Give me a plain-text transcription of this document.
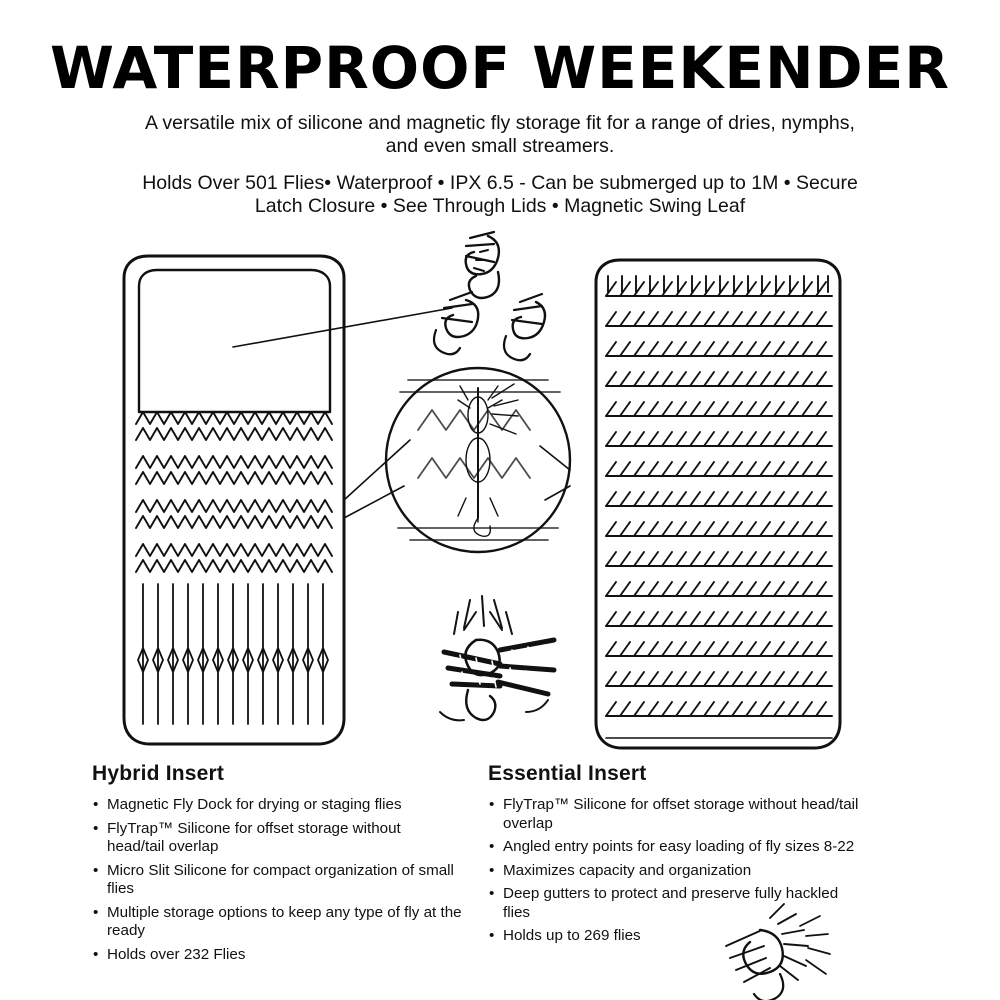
WATERPROOF WEEKENDER
A versatile mix of silicone and magnetic fly storage fit for a range of dries, nymphs, and even small streamers.
Holds Over 501 Flies• Waterproof • IPX 6.5 - Can be submerged up to 1M • Secure Latch Closure • See Through Lids • Magnetic Swing Leaf
Hybrid Insert
• Magnetic Fly Dock for drying or staging flies
• FlyTrap™ Silicone for offset storage without head/tail overlap
• Micro Slit Silicone for compact organization of small flies
• Multiple storage options to keep any type of fly at the ready
• Holds over 232 Flies
Essential Insert
• FlyTrap™ Silicone for offset storage without head/tail overlap
• Angled entry points for easy loading of fly sizes 8-22
• Maximizes capacity and organization
• Deep gutters to protect and preserve fully hackled flies
• Holds up to 269 flies
